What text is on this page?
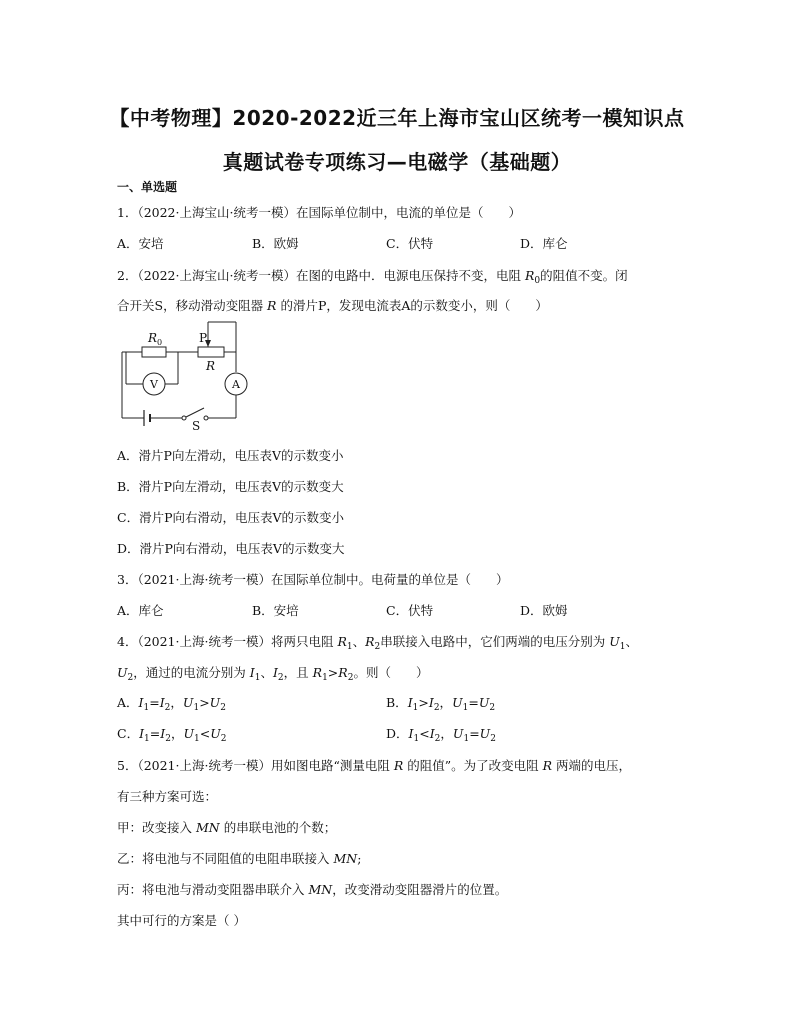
【中考物理】2020-2022近三年上海市宝山区统考一模知识点
真题试卷专项练习—电磁学（基础题）
一、单选题
1．（2022·上海宝山·统考一模）在国际单位制中，电流的单位是（　　）
A．安培	B．欧姆	C．伏特	D．库仑
2．（2022·上海宝山·统考一模）在图的电路中．电源电压保持不变，电阻 $R_0$的阻值不变。闭
合开关S，移动滑动变阻器 R 的滑片P，发现电流表A的示数变小，则（　　）
R 0	P
R
V	A
S
A．滑片P向左滑动，电压表V的示数变小
B．滑片P向左滑动，电压表V的示数变大
C．滑片P向右滑动，电压表V的示数变小
D．滑片P向右滑动，电压表V的示数变大
3．（2021·上海·统考一模）在国际单位制中。电荷量的单位是（　　）
A．库仑	B．安培	C．伏特	D．欧姆
4．（2021·上海·统考一模）将两只电阻 $R_1$、$R_2$串联接入电路中，它们两端的电压分别为 $U_1$、
$U_2$，通过的电流分别为 $I_1$、$I_2$，且 $R_1>R_2$。则（　　）
A．$I_1=I_2$，$U_1>U_2$	B．$I_1>I_2$，$U_1=U_2$
C．$I_1=I_2$，$U_1<U_2$	D．$I_1<I_2$，$U_1=U_2$
5．（2021·上海·统考一模）用如图电路“测量电阻 R 的阻值”。为了改变电阻 R 两端的电压，
有三种方案可选：
甲：改变接入 MN 的串联电池的个数；
乙：将电池与不同阻值的电阻串联接入 MN;
丙：将电池与滑动变阻器串联介入 MN，改变滑动变阻器滑片的位置。
其中可行的方案是（ ）
